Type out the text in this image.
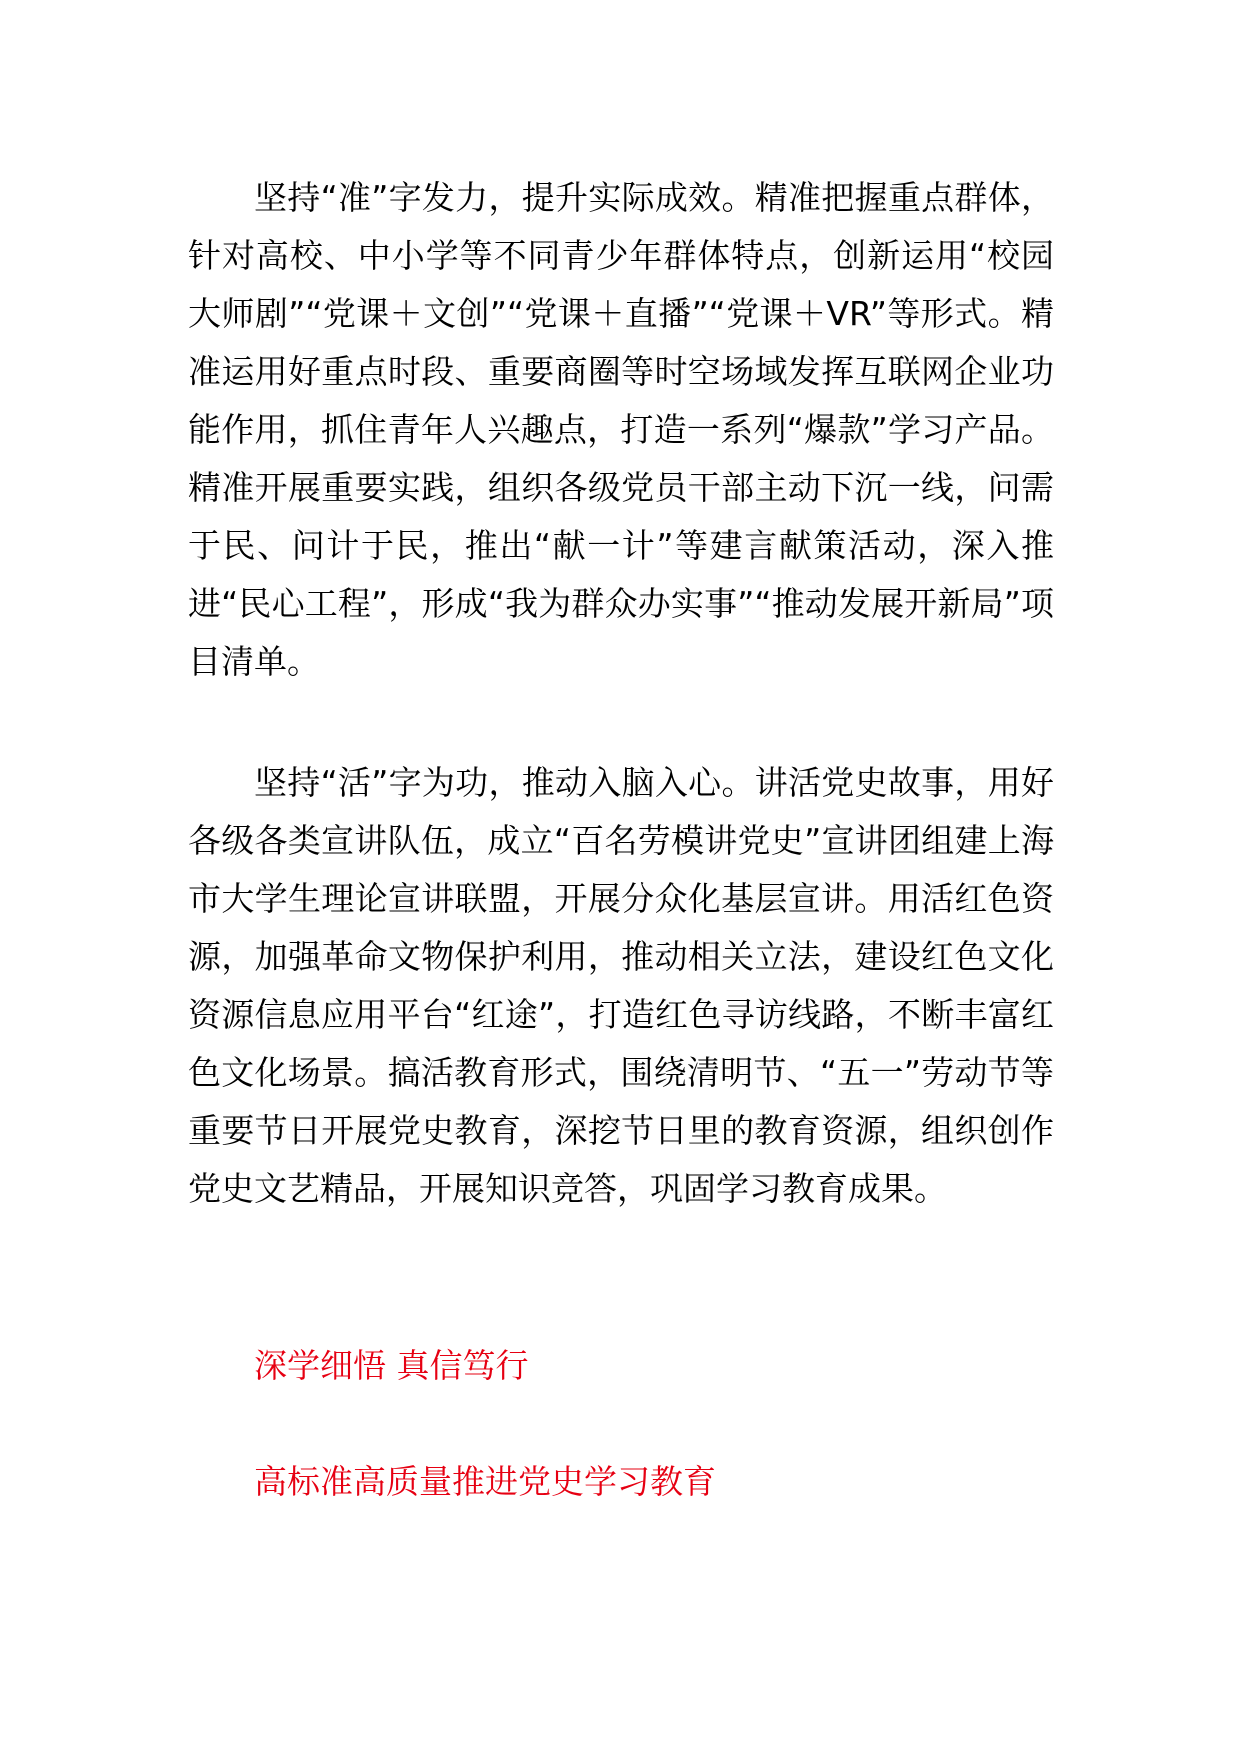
坚持“准”字发力，提升实际成效。精准把握重点群体，针对高校、中小学等不同青少年群体特点，创新运用“校园大师剧”“党课＋文创”“党课＋直播”“党课＋VR”等形式。精准运用好重点时段、重要商圈等时空场域发挥互联网企业功能作用，抓住青年人兴趣点，打造一系列“爆款”学习产品。精准开展重要实践，组织各级党员干部主动下沉一线，问需于民、问计于民，推出“献一计”等建言献策活动，深入推进“民心工程”，形成“我为群众办实事”“推动发展开新局”项目清单。

坚持“活”字为功，推动入脑入心。讲活党史故事，用好各级各类宣讲队伍，成立“百名劳模讲党史”宣讲团组建上海市大学生理论宣讲联盟，开展分众化基层宣讲。用活红色资源，加强革命文物保护利用，推动相关立法，建设红色文化资源信息应用平台“红途”，打造红色寻访线路，不断丰富红色文化场景。搞活教育形式，围绕清明节、“五一”劳动节等重要节日开展党史教育，深挖节日里的教育资源，组织创作党史文艺精品，开展知识竞答，巩固学习教育成果。

深学细悟 真信笃行

高标准高质量推进党史学习教育
